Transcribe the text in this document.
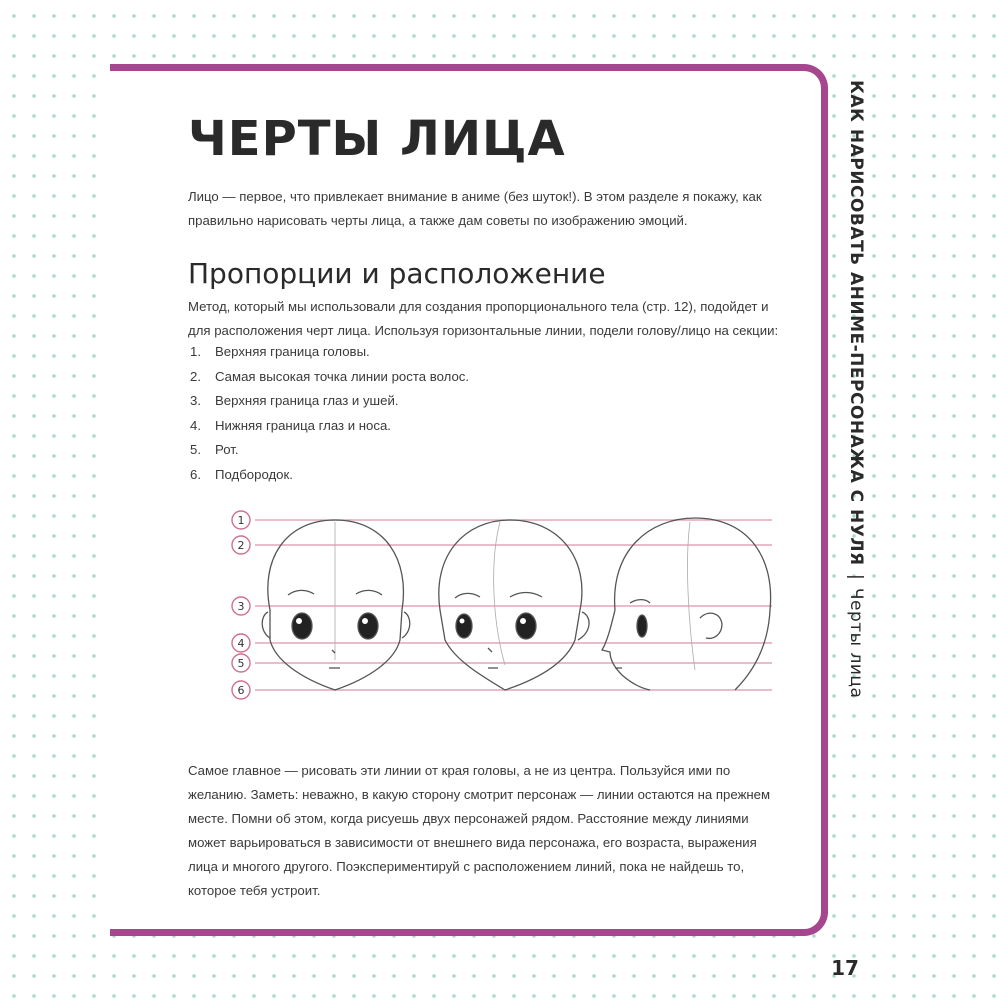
ЧЕРТЫ ЛИЦА

Лицо — первое, что привлекает внимание в аниме (без шуток!). В этом разделе я покажу, как правильно нарисовать черты лица, а также дам советы по изображению эмоций.

Пропорции и расположение

Метод, который мы использовали для создания пропорционального тела (стр. 12), подойдет и для расположения черт лица. Используя горизонтальные линии, подели голову/лицо на секции:

1. Верхняя граница головы.
2. Самая высокая точка линии роста волос.
3. Верхняя граница глаз и ушей.
4. Нижняя граница глаз и носа.
5. Рот.
6. Подбородок.

Самое главное — рисовать эти линии от края головы, а не из центра. Пользуйся ими по желанию. Заметь: неважно, в какую сторону смотрит персонаж — линии остаются на прежнем месте. Помни об этом, когда рисуешь двух персонажей рядом. Расстояние между линиями может варьироваться в зависимости от внешнего вида персонажа, его возраста, выражения лица и многого другого. Поэкспериментируй с расположением линий, пока не найдешь то, которое тебя устроит.

1
2
3
4
5
6
КАК НАРИСОВАТЬ АНИМЕ-ПЕРСОНАЖА С НУЛЯ|Черты лица
17
